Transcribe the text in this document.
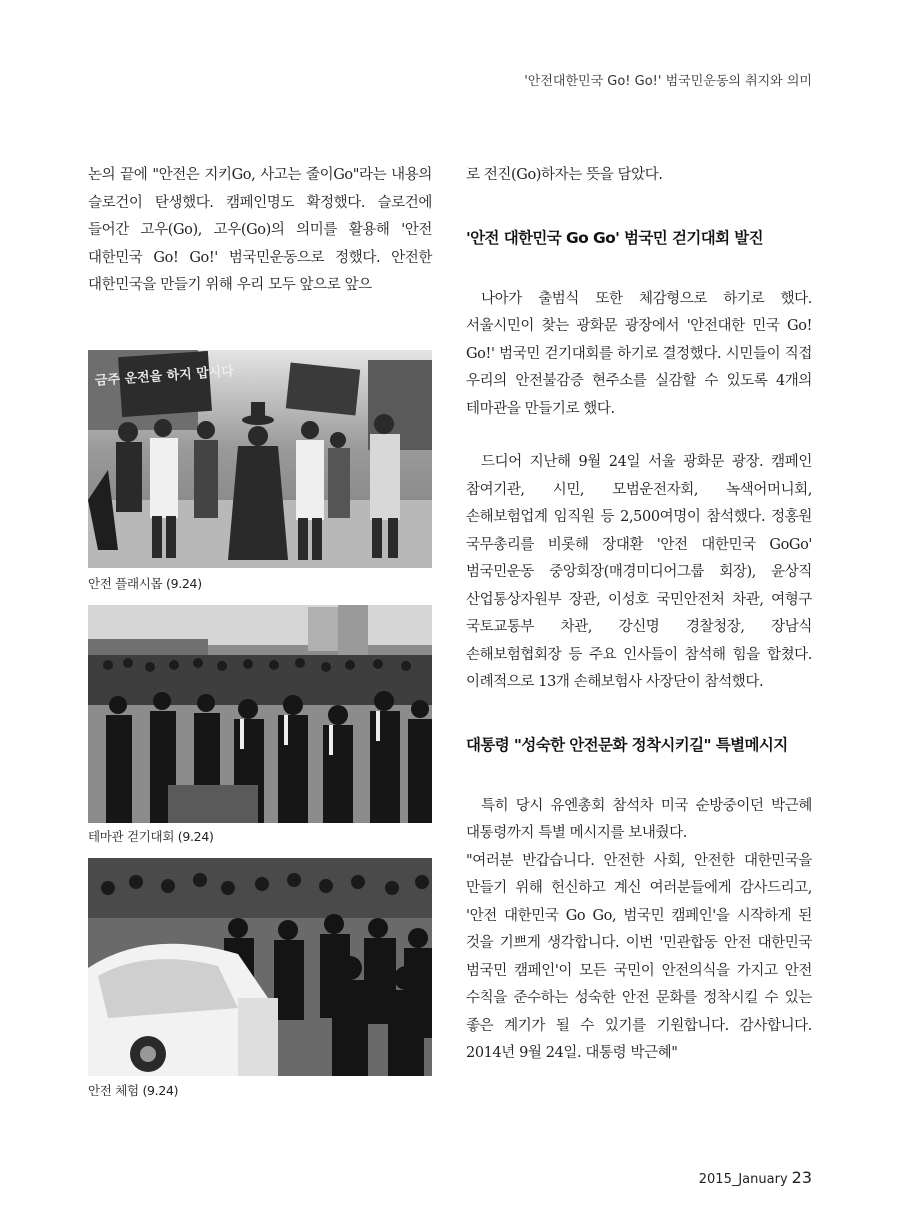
'안전대한민국 Go! Go!' 범국민운동의 취지와 의미

논의 끝에 "안전은 지키Go, 사고는 줄이Go"라는 내용의 슬로건이 탄생했다. 캠페인명도 확정했다. 슬로건에 들어간 고우(Go), 고우(Go)의 의미를 활용해 '안전 대한민국 Go! Go!' 범국민운동으로 정했다. 안전한 대한민국을 만들기 위해 우리 모두 앞으로 앞으

금주 운전을 하지 맙시다
안전 플래시몹 (9.24)
테마관 걷기대회 (9.24)
안전 체험 (9.24)

로 전진(Go)하자는 뜻을 담았다.

'안전 대한민국 Go Go' 범국민 걷기대회 발진

나아가 출범식 또한 체감형으로 하기로 했다. 서울시민이 찾는 광화문 광장에서 '안전대한 민국 Go! Go!' 범국민 걷기대회를 하기로 결정했다. 시민들이 직접 우리의 안전불감증 현주소를 실감할 수 있도록 4개의 테마관을 만들기로 했다.

드디어 지난해 9월 24일 서울 광화문 광장. 캠페인 참여기관, 시민, 모범운전자회, 녹색어머니회, 손해보험업계 임직원 등 2,500여명이 참석했다. 정홍원 국무총리를 비롯해 장대환 '안전 대한민국 GoGo' 범국민운동 중앙회장(매경미디어그룹 회장), 윤상직 산업통상자원부 장관, 이성호 국민안전처 차관, 여형구 국토교통부 차관, 강신명 경찰청장, 장남식 손해보험협회장 등 주요 인사들이 참석해 힘을 합쳤다. 이례적으로 13개 손해보험사 사장단이 참석했다.

대통령 "성숙한 안전문화 정착시키길" 특별메시지

특히 당시 유엔총회 참석차 미국 순방중이던 박근혜 대통령까지 특별 메시지를 보내줬다.

"여러분 반갑습니다. 안전한 사회, 안전한 대한민국을 만들기 위해 헌신하고 계신 여러분들에게 감사드리고, '안전 대한민국 Go Go, 범국민 캠페인'을 시작하게 된 것을 기쁘게 생각합니다. 이번 '민관합동 안전 대한민국 범국민 캠페인'이 모든 국민이 안전의식을 가지고 안전 수칙을 준수하는 성숙한 안전 문화를 정착시킬 수 있는 좋은 계기가 될 수 있기를 기원합니다. 감사합니다. 2014년 9월 24일. 대통령 박근혜"

2015_January 23
